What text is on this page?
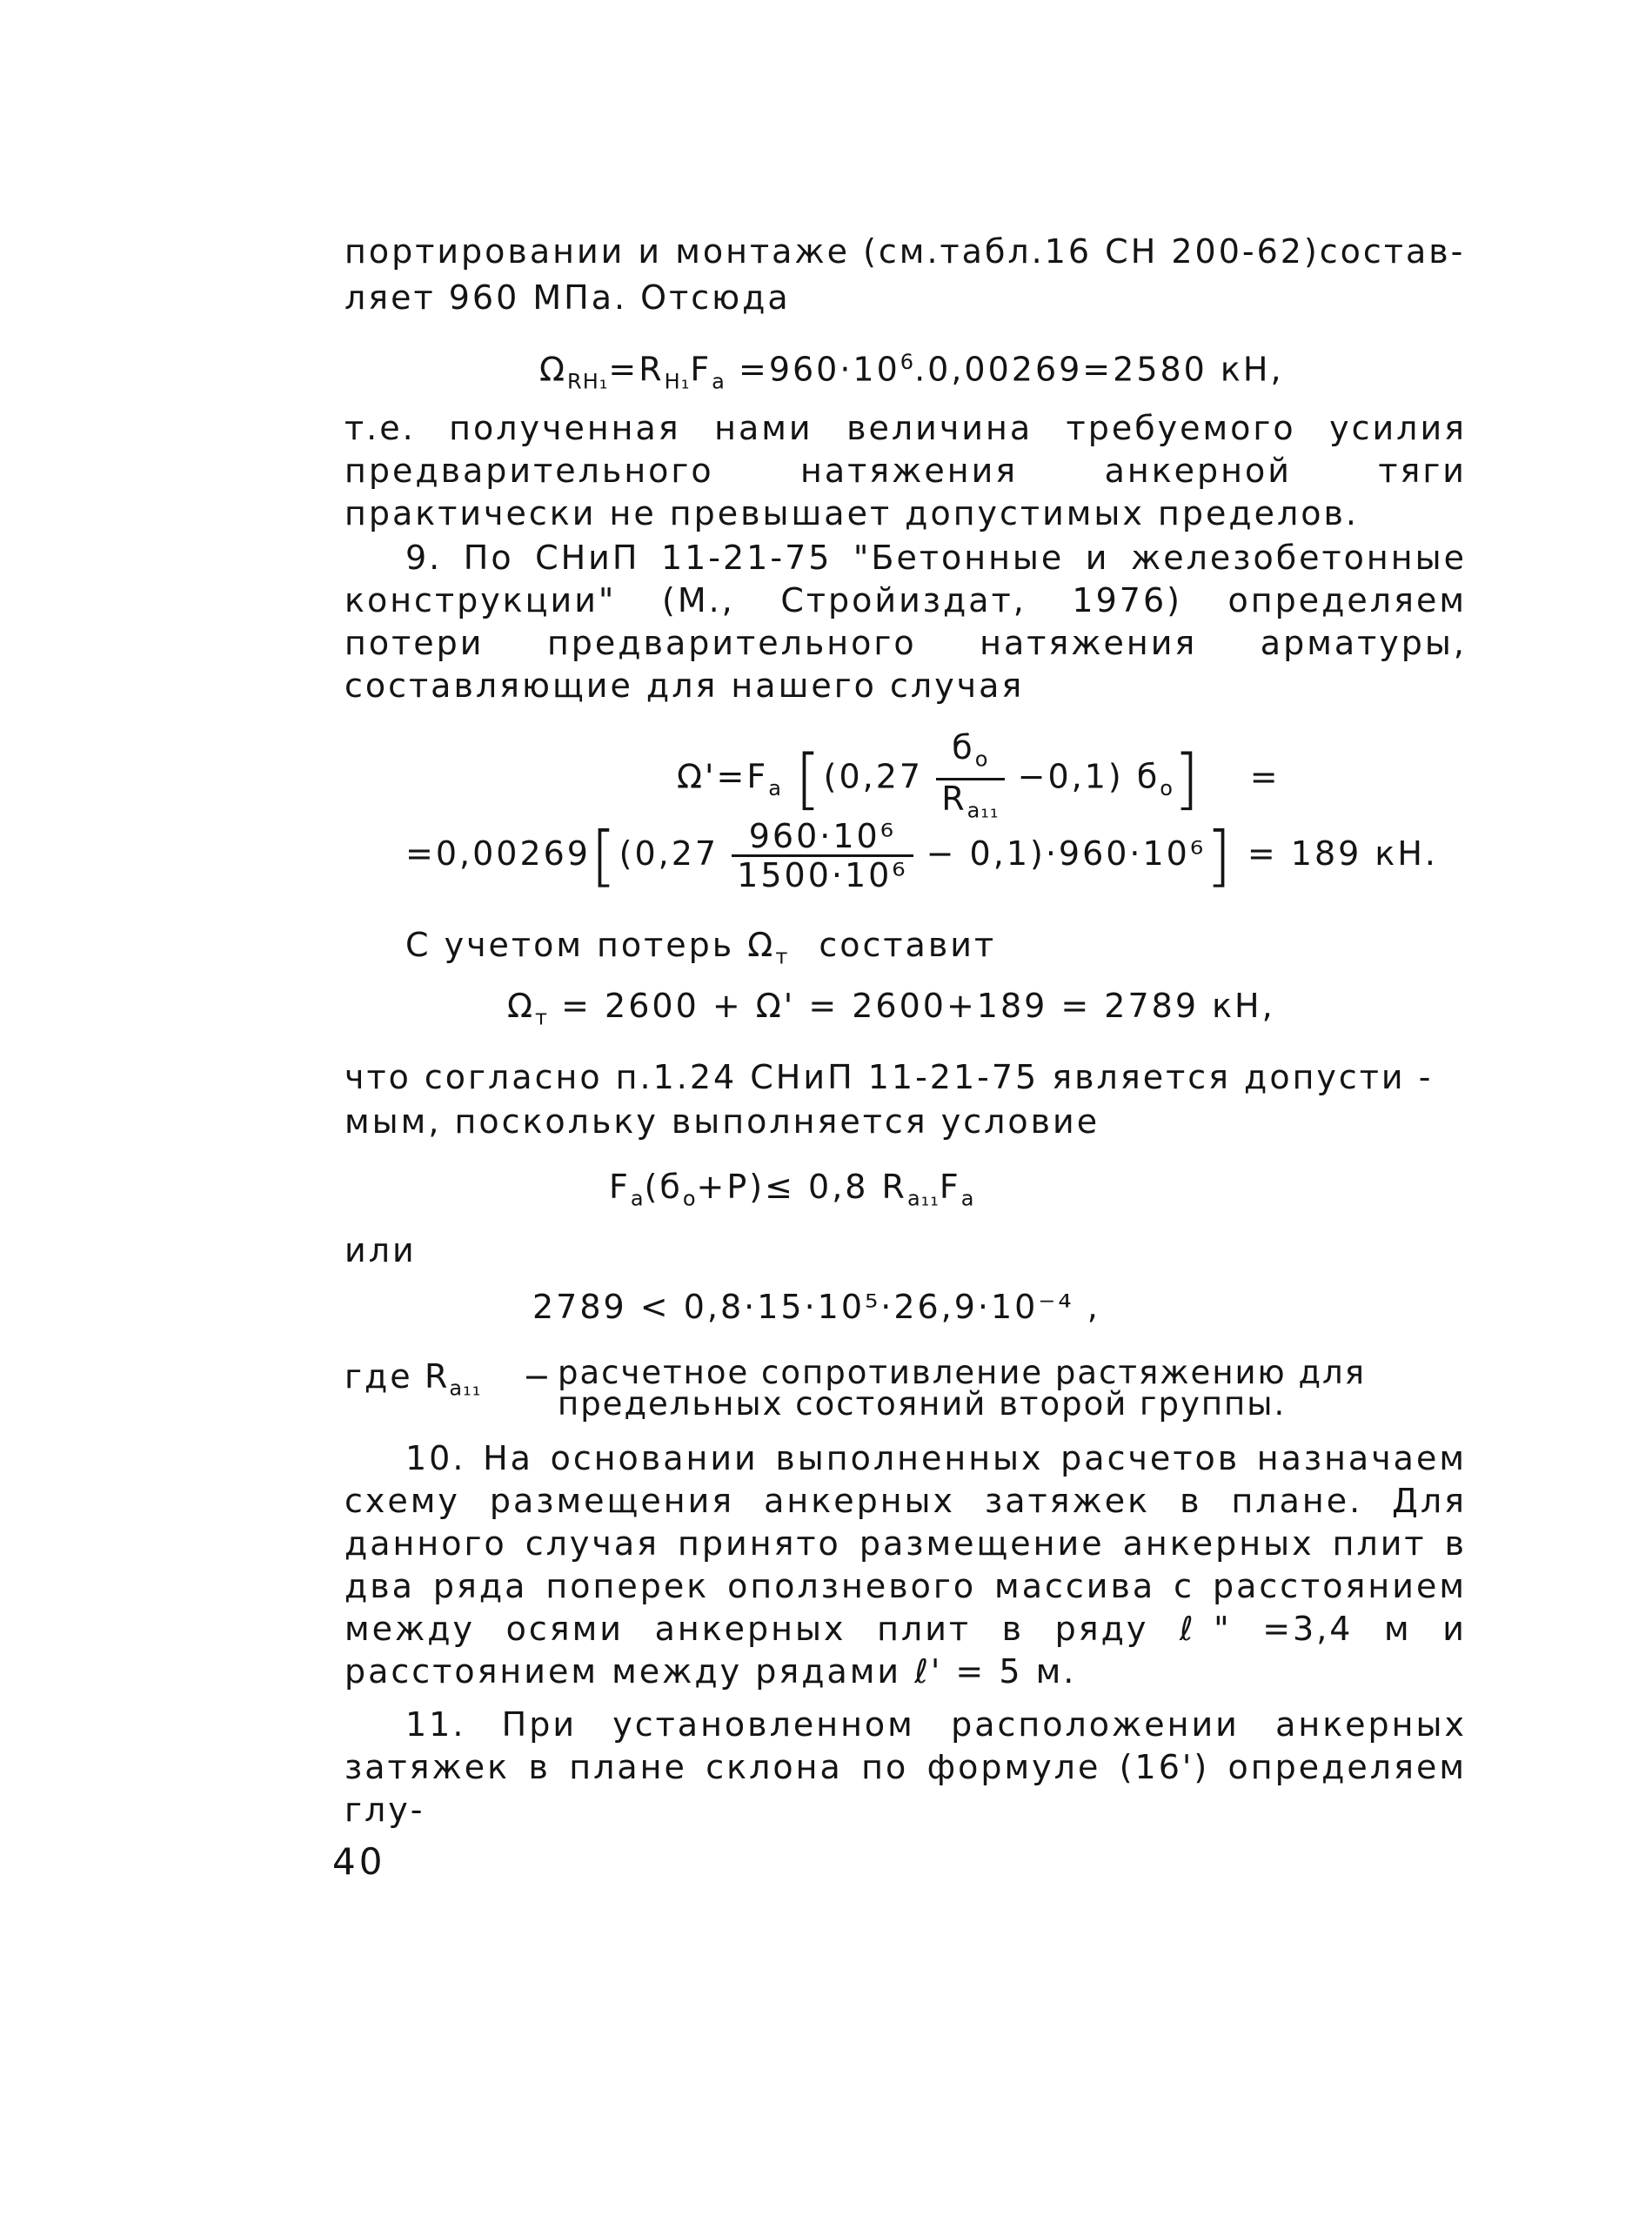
портировании и монтаже (см.табл.16 СН 200-62)состав-
ляет 960 МПа. Отсюда
$\Omega_{RH_1}=R_{H_1}F_a =960\cdot 10^6.0,00269=2580$ кН,

т.е. полученная нами величина требуемого усилия предварительного натяжения анкерной тяги практически не превышает допустимых пределов.

9. По СНиП 11-21-75 "Бетонные и железобетонные конструкции" (М., Стройиздат, 1976) определяем потери предварительного натяжения арматуры, составляющие для нашего случая

$\Omega'=F_a$ [$(0,27 \frac{б_o}{R_{a_{11}}} -0,1)$ $б_o$] =
$=0,00269[(0,27 \frac{\text{960·10⁶}}{\text{1500·10⁶}} - 0,1)\cdot 960\cdot 10^6] = 189$ кН.
С учетом потерь $\Omega_т$ составит
$\Omega_т = 2600 + \Omega' = 2600+189 = 2789$ кН,
что согласно п.1.24 СНиП 11-21-75 является допусти -
мым, поскольку выполняется условие
$F_a(б_o+P)\le 0,8$ $R_{a_{11}}F_a$
или
2789 < 0,8·15·10⁵·26,9·10⁻⁴ ,
где $R_{a_{11}}$ − расчетное сопротивление растяжению для предельных состояний второй группы.

10. На основании выполненных расчетов назначаем схему размещения анкерных затяжек в плане. Для данного случая принято размещение анкерных плит в два ряда поперек оползневого массива с расстоянием между осями анкерных плит в ряду ℓ" =3,4 м и расстоянием между рядами ℓ' = 5 м.

11. При установленном расположении анкерных затяжек в плане склона по формуле (16') определяем глу-

40
